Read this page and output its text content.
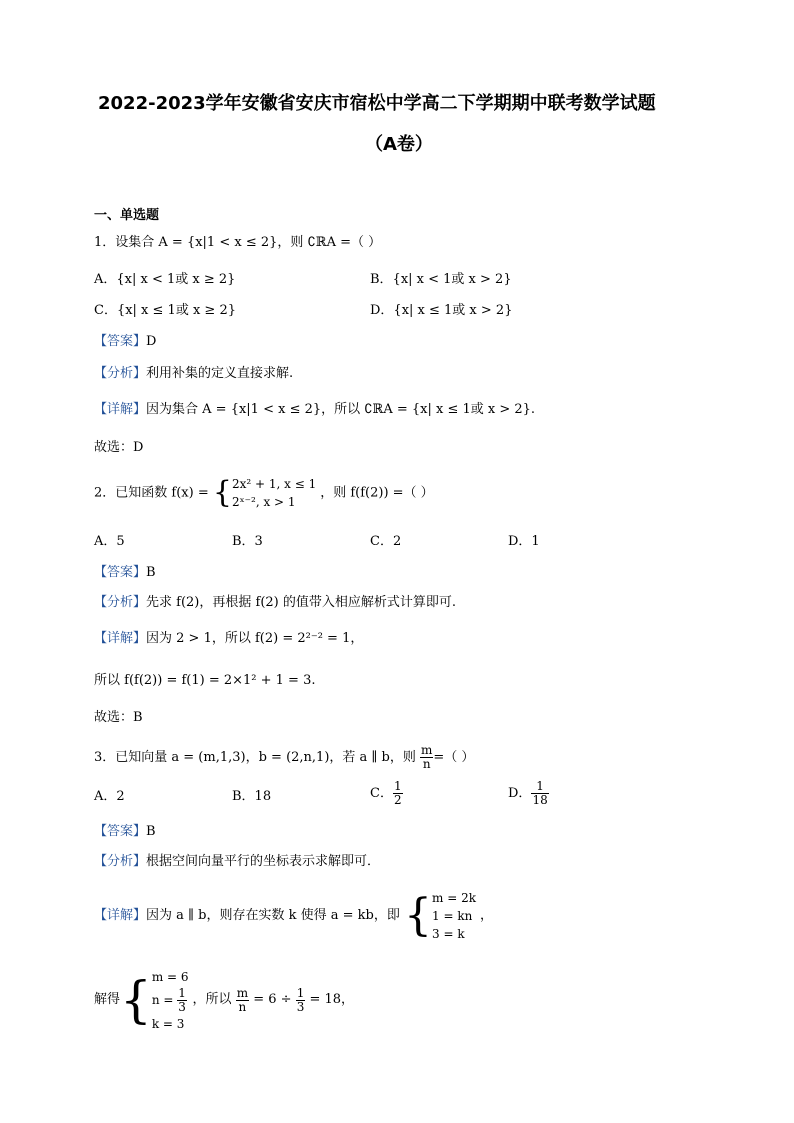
2022-2023学年安徽省安庆市宿松中学高二下学期期中联考数学试题
（A卷）
一、单选题
1．设集合 A = {x|1 < x ≤ 2}，则 ∁ℝA =（ ）
A．{x| x < 1或 x ≥ 2}	B．{x| x < 1或 x > 2}
C．{x| x ≤ 1或 x ≥ 2}	D．{x| x ≤ 1或 x > 2}
【答案】D
【分析】利用补集的定义直接求解.
【详解】因为集合 A = {x|1 < x ≤ 2}，所以 ∁ℝA = {x| x ≤ 1或 x > 2}.
故选：D
2．已知函数 f(x) = { 2x² + 1, x ≤ 1
2ˣ⁻², x > 1
，则 f(f(2)) =（ ）
A．5	B．3	C．2	D．1
【答案】B
【分析】先求 f(2)，再根据 f(2) 的值带入相应解析式计算即可.
【详解】因为 2 > 1，所以 f(2) = 2²⁻² = 1，
所以 f(f(2)) = f(1) = 2×1² + 1 = 3.
故选：B
3．已知向量 a = (m,1,3)，b = (2,n,1)，若 a ∥ b，则 $\frac{m}{n}$ =（ ）
A．2	B．18	C． $\frac{1}{2}$	D． $\frac{1}{18}$
【答案】B
【分析】根据空间向量平行的坐标表示求解即可．
【详解】因为 a ∥ b，则存在实数 k 使得 a = kb，即 { m = 2k
1 = kn
3 = k
，
解得{ m = 6
$n = \frac{1}{3}$
k = 3
，所以 $\frac{m}{n} = 6 \div \frac{1}{3} = 18$，
